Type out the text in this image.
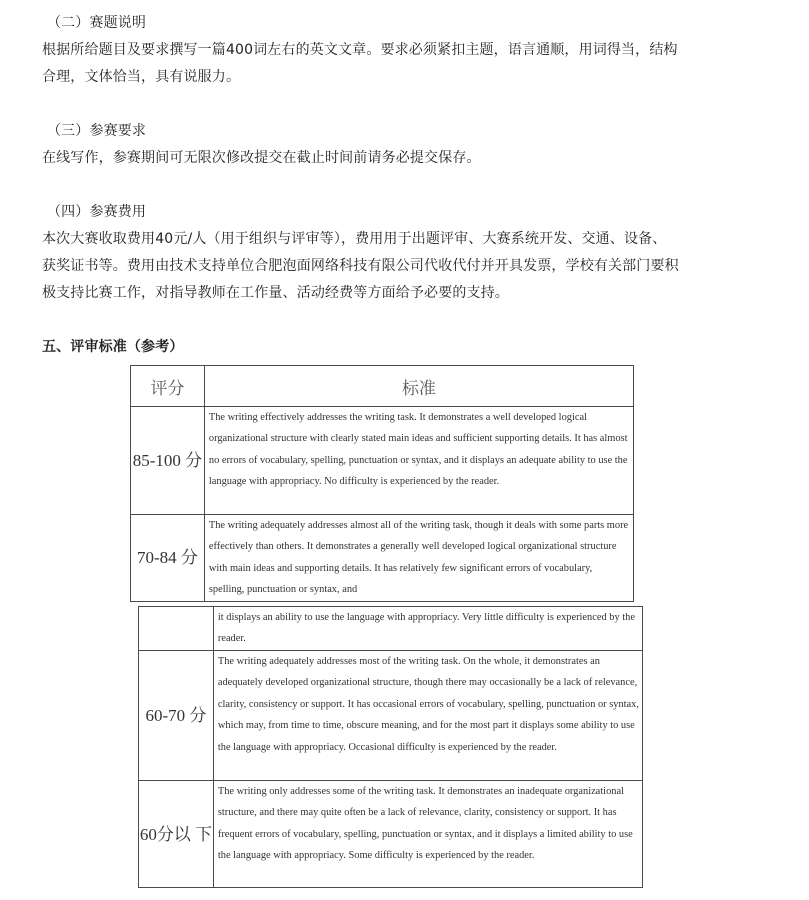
（二）赛题说明
根据所给题目及要求撰写一篇400词左右的英文文章。要求必须紧扣主题，语言通顺，用词得当，结构
合理，文体恰当，具有说服力。
（三）参赛要求
在线写作，参赛期间可无限次修改提交在截止时间前请务必提交保存。
（四）参赛费用
本次大赛收取费用40元/人（用于组织与评审等），费用用于出题评审、大赛系统开发、交通、设备、
获奖证书等。费用由技术支持单位合肥泡面网络科技有限公司代收代付并开具发票，学校有关部门要积
极支持比赛工作，对指导教师在工作量、活动经费等方面给予必要的支持。
五、评审标准（参考）
评分	标准
85-100 分	The writing effectively addresses the writing task. It demonstrates a well developed logical organizational structure with clearly stated main ideas and sufficient supporting details. It has almost no errors of vocabulary, spelling, punctuation or syntax, and it displays an adequate ability to use the language with appropriacy. No difficulty is experienced by the reader.
70-84 分	The writing adequately addresses almost all of the writing task, though it deals with some parts more effectively than others. It demonstrates a generally well developed logical organizational structure with main ideas and supporting details. It has relatively few significant errors of vocabulary, spelling, punctuation or syntax, and
	it displays an ability to use the language with appropriacy. Very little difficulty is experienced by the reader.
60-70 分	The writing adequately addresses most of the writing task. On the whole, it demonstrates an adequately developed organizational structure, though there may occasionally be a lack of relevance, clarity, consistency or support. It has occasional errors of vocabulary, spelling, punctuation or syntax, which may, from time to time, obscure meaning, and for the most part it displays some ability to use the language with appropriacy. Occasional difficulty is experienced by the reader.
60分以 下	The writing only addresses some of the writing task. It demonstrates an inadequate organizational structure, and there may quite often be a lack of relevance, clarity, consistency or support. It has frequent errors of vocabulary, spelling, punctuation or syntax, and it displays a limited ability to use the language with appropriacy. Some difficulty is experienced by the reader.
